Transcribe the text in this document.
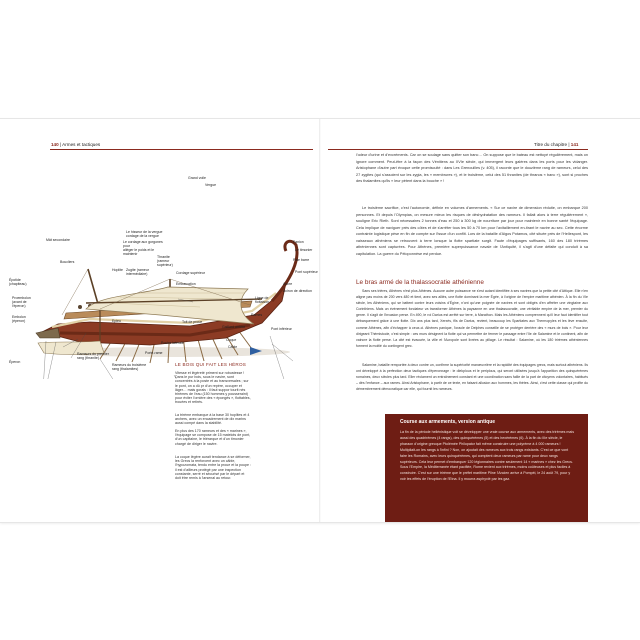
140 | Armes et tactiques	Titre du chapitre | 141
Grand voile
Vergue
Mât secondaire	Le cordage aux gorgones pour
alléger le poids et le maintenir
Le hisseur de la vergue
cordage de la vergue
Boucliers
Hoplite Zugite (rameur intermédiaire)
Thranite (rameur supérieur)
Cordage supérieur
Embarcation
Fanion
Le timonier
Pale barre
Pont supérieur
Ancre
Aviron de direction
Épotide (chapiteau)
Proembolon (avant de l'éperon)
Embolon (éperon)
Éperon
Rameurs du premier
rang (thranite)
Rameurs du troisième rang (thalamites)
Porte-rame
Poutre latérale
Coque
Câble
Rames
Ligne de flottaison
Pont inférieur
Gaillard arrière
Toit de proue
Epieu
LE BOIS QUI FAIT LES HÉROS

Vitesse et légèreté priment sur robustesse ! Dans le pur bois, sous le navire, sont concentrés à la poste et au transversales ; sur le pont, on a dû pr d'un repère, occuper et lâger… mais gorais : il faut suppor tourit nés trirèmes de l'eau (150 hommes y pousseraint) pour éviter l'ornière des « épongés », flottables, trouées et retirés.

La trirème embarque à la base 30 hoplites et 4 archers, avec un encadrement de dix marins aussi compé dans la stabilité.

En plus des 170 rameurs et des « marines », l'équipage se compose de 15 matelots de pont, d'un capitaine, le triérarque et d'un timonier chargé de diriger le navire.

La coque légère aurait tendance à se déformer, les Grecs la renforcent avec un câble, l'hypozomata, tendu entre la proue et la poupe : il est d'ailleurs protégé par une inspection constante, serré et sécurisé par le départ et doit être remis à l'arsenal au retour.

l'odeur d'urine et d'excréments. Car on se soulage sans quitter son banc… On suppose que le bateau est nettoyé régulièrement, mais on ignore comment. Peut-être à la façon des Vénitiens au XVIe siècle, qui immergent leurs galères dans les ports pour les vidanger. Aristophane d'autre part évoque cette promiscuité : dans Les Grenouilles (v. 405), il raconte que le douzième rang de rameurs, celui des 27 zygites (qui s'assoient sur les zygia, les « membrures »), et le troisième, celui des 51 thranites (de thranos « banc »), sont si proches des thalamites qu'ils « leur pètent dans la bouche » !

Le troisième sacrifice, c'est l'autonomie, définie en volumes d'armements. « Sur ce navire de dimension réduite, on embarque 200 personnes. Et depuis l'Olympias, on mesure mieux les risques de déshydratation des rameurs. Il fallait alors à terre régulièrement », souligne Eric Rieth. Sont nécessaires 2 tonnes d'eau et 250 à 300 kg de nourriture par jour pour maintenir en bonne santé l'équipage. Cela implique de naviguer près des côtes et de s'arrêter tous les 50 à 70 km pour l'avitaillement en-tirant le navire au sec. Cette énorme contrainte logistique pèse en fin de compte sur l'issue d'un conflit. Lors de la bataille d'Aigos Potamos, cité située près de l'Hellespont, les vaisseaux athéniens se retrouvent à terre lorsque la flotte spartiate surgit. Faute d'équipages suffisants, 160 des 180 trirèmes athéniennes sont capturées. Pour Athènes, première superpuissance navale de l'Antiquité, il s'agit d'une défaite qui conduit à sa capitulation. La guerre du Péloponnèse est perdue.

Le bras armé de la thalassocratie athénienne

Course aux armements, version antique

La fin de la période hellénistique voit se développer une vraie course aux armements, avec des trirèmes mais aussi des quadrirèmes (4 rangs), des quinquérèmes (5) et des hexèrèmes (6). À la fin du IIIe siècle, le pharaon d'origine grecque Ptolémée Philopator fait même construire une polyrème à 4 000 rameurs ! Multipliait-on les rangs à l'infini ? Non, on ajoutait des rameurs aux trois rangs existants. C'est ce que vont faire les Romains, avec leurs quinquérèmes, qui comptent deux rameurs par rame pour deux rangs supérieurs. Cela leur permet d'embarquer 120 légionnaires contre seulement 14 « marines » chez les Grecs. Sous l'Empire, la Méditerranée étant pacifiée, Rome revient aux trirèmes, moins coûteuses et plus faciles à construire. C'est sur une trirème que le préfet maritime Pline l'Ancien arrive à Pompéi, le 24 août 79, pour y voir les effets de l'éruption de l'Etna. Il y mourra asphyxié par les gaz.

Sans ses trières, Athènes n'est plus Athènes. Aucune autre puissance ne s'est autant identifiée à ses navires que la petite cité d'Attique. Elle n'en aligne pas moins de 200 vers 480 et tient, avec ses alliés, une flotte dominant la mer Égée, à l'origine de l'empire maritime athénien. À la fin du VIe siècle, les Athéniens, qui se battent contre leurs voisins d'Égine, n'ont qu'une poignée de navires et sont obligés d'en affréter une vingtaine aux Corinthiens. Mais un événement fondateur va transformer Athènes la paysanne en une thalassocratie, une véritable empire de la mer, premier du genre. Il s'agit de l'invasion perse. En 490, le roi Darius est arrêté sur terre, à Marathon. Mais les Athéniens comprennent qu'il leur faut identifier tout débarquement grâce à une flotte. Dix ans plus tard, Xerxès, fils de Darius, revient, beaucoup les Spartiates aux Thermopyles et les lève ensuite, comme Athènes, afin d'échapper à ceux-ci. Athènes panique, l'oracle de Delphes conseille de se protéger derrière des « murs de bois ». Pour leur dirigeant Thémistocle, c'est simple : ces murs désignent la flotte qui va permettre de fermer le passage entre l'île de Salamine et le continent, afin de vaincre la flotte perse. La cité est évacuée, la ville et l'Acropole sont livrées au pillage. Le résultat : Salamine, où les 180 trirèmes athéniennes forment la moitié du contingent grec.

Salamine, bataille remportée à deux contre un, confirme la supériorité manœuvrière et la rapidité des équipages grecs, mais surtout athéniens. Ils ont développé à la perfection deux tactiques d'éperonnage : le diekplous et le periplous, qui seront utilisées jusqu'à l'apparition des quinquérèmes romaines, deux siècles plus tard. Eller réclament un entraînement constant et une coordination sans faille de la part de citoyens volontaires, habitués – dès l'enfance – aux rames. Ainsi Aristophane, à partir de ce texte, en faisant allusion aux hommes, les thètes. Ainsi, c'est cette classe qui profite du démembrement démocratique car elle, qui fournit les rameurs.
